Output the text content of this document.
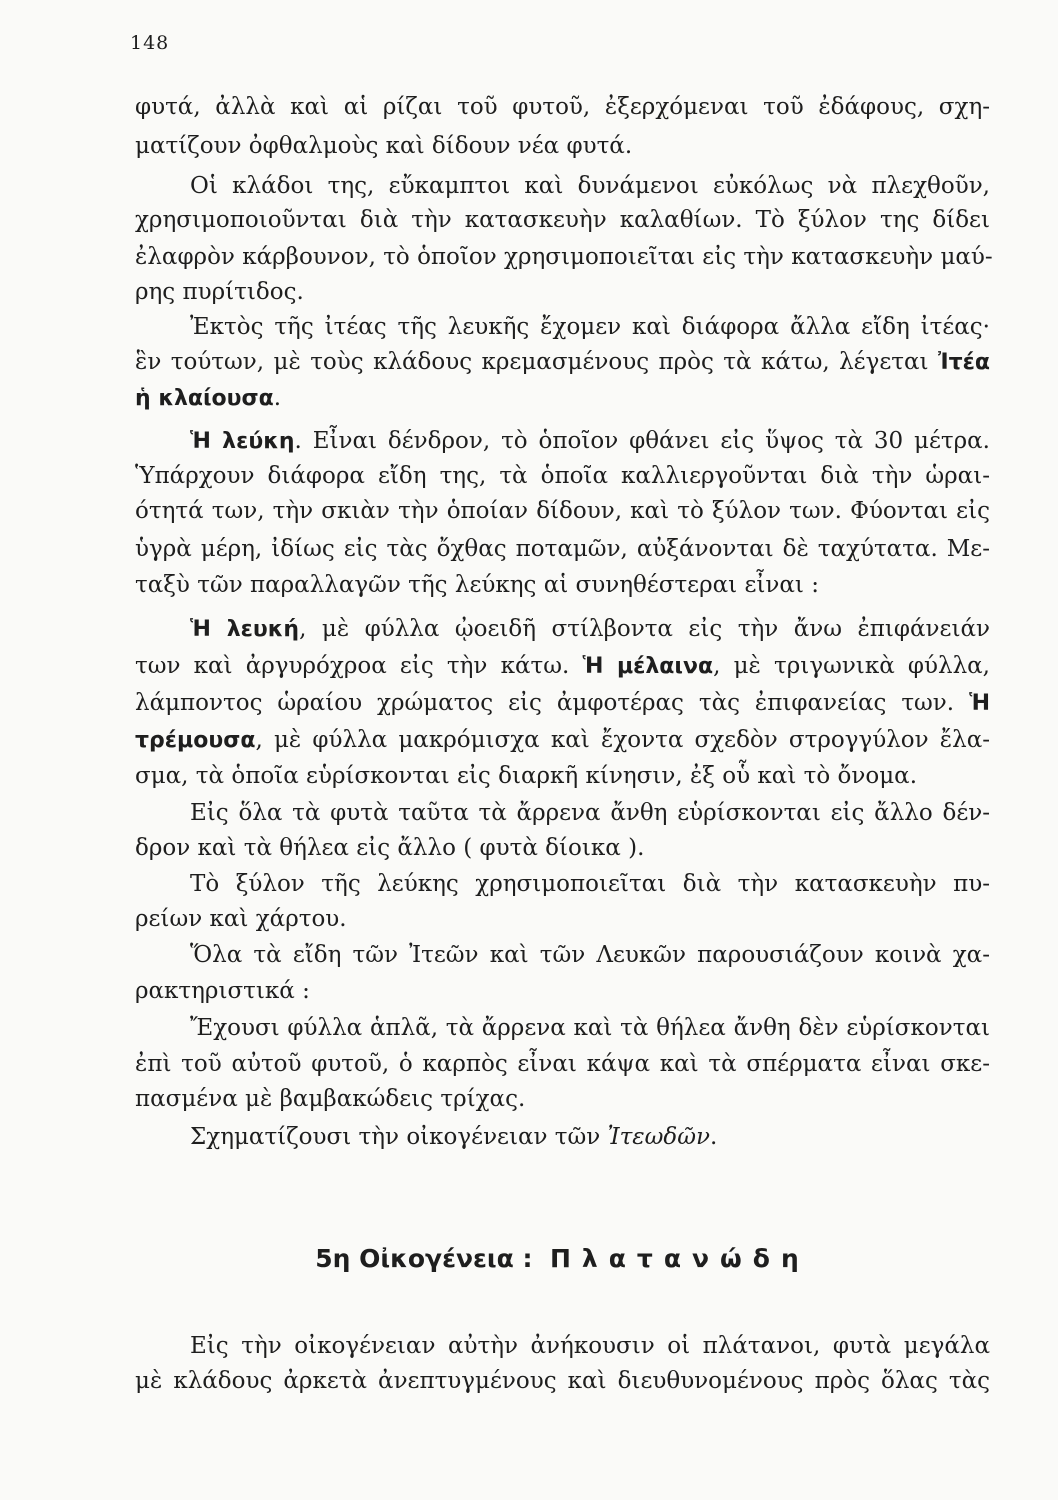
148
φυτά, ἀλλὰ καὶ αἱ ρίζαι τοῦ φυτοῦ, ἐξερχόμεναι τοῦ ἐδάφους, σχη-
ματίζουν ὀφθαλμοὺς καὶ δίδουν νέα φυτά.
Οἱ κλάδοι της, εὔκαμπτοι καὶ δυνάμενοι εὐκόλως νὰ πλεχθοῦν,
χρησιμοποιοῦνται διὰ τὴν κατασκευὴν καλαθίων. Τὸ ξύλον της δίδει
ἐλαφρὸν κάρβουνον, τὸ ὁποῖον χρησιμοποιεῖται εἰς τὴν κατασκευὴν μαύ-
ρης πυρίτιδος.
Ἐκτὸς τῆς ἰτέας τῆς λευκῆς ἔχομεν καὶ διάφορα ἄλλα εἴδη ἰτέας·
ἓν τούτων, μὲ τοὺς κλάδους κρεμασμένους πρὸς τὰ κάτω, λέγεται Ἰτέα
ἡ κλαίουσα.
Ἡ λεύκη. Εἶναι δένδρον, τὸ ὁποῖον φθάνει εἰς ὕψος τὰ 30 μέτρα.
Ὑπάρχουν διάφορα εἴδη της, τὰ ὁποῖα καλλιεργοῦνται διὰ τὴν ὡραι-
ότητά των, τὴν σκιὰν τὴν ὁποίαν δίδουν, καὶ τὸ ξύλον των. Φύονται εἰς
ὑγρὰ μέρη, ἰδίως εἰς τὰς ὄχθας ποταμῶν, αὐξάνονται δὲ ταχύτατα. Με-
ταξὺ τῶν παραλλαγῶν τῆς λεύκης αἱ συνηθέστεραι εἶναι :
Ἡ λευκή, μὲ φύλλα ᾠοειδῆ στίλβοντα εἰς τὴν ἄνω ἐπιφάνειάν
των καὶ ἀργυρόχροα εἰς τὴν κάτω. Ἡ μέλαινα, μὲ τριγωνικὰ φύλλα,
λάμποντος ὡραίου χρώματος εἰς ἀμφοτέρας τὰς ἐπιφανείας των. Ἡ
τρέμουσα, μὲ φύλλα μακρόμισχα καὶ ἔχοντα σχεδὸν στρογγύλον ἔλα-
σμα, τὰ ὁποῖα εὑρίσκονται εἰς διαρκῆ κίνησιν, ἐξ οὗ καὶ τὸ ὄνομα.
Εἰς ὅλα τὰ φυτὰ ταῦτα τὰ ἄρρενα ἄνθη εὑρίσκονται εἰς ἄλλο δέν-
δρον καὶ τὰ θήλεα εἰς ἄλλο ( φυτὰ δίοικα ).
Τὸ ξύλον τῆς λεύκης χρησιμοποιεῖται διὰ τὴν κατασκευὴν πυ-
ρείων καὶ χάρτου.
Ὅλα τὰ εἴδη τῶν Ἰτεῶν καὶ τῶν Λευκῶν παρουσιάζουν κοινὰ χα-
ρακτηριστικά :
Ἔχουσι φύλλα ἁπλᾶ, τὰ ἄρρενα καὶ τὰ θήλεα ἄνθη δὲν εὑρίσκονται
ἐπὶ τοῦ αὐτοῦ φυτοῦ, ὁ καρπὸς εἶναι κάψα καὶ τὰ σπέρματα εἶναι σκε-
πασμένα μὲ βαμβακώδεις τρίχας.
Σχηματίζουσι τὴν οἰκογένειαν τῶν Ἰτεωδῶν.
5η Οἰκογένεια : Πλατανώδη
Εἰς τὴν οἰκογένειαν αὐτὴν ἀνήκουσιν οἱ πλάτανοι, φυτὰ μεγάλα
μὲ κλάδους ἀρκετὰ ἀνεπτυγμένους καὶ διευθυνομένους πρὸς ὅλας τὰς
